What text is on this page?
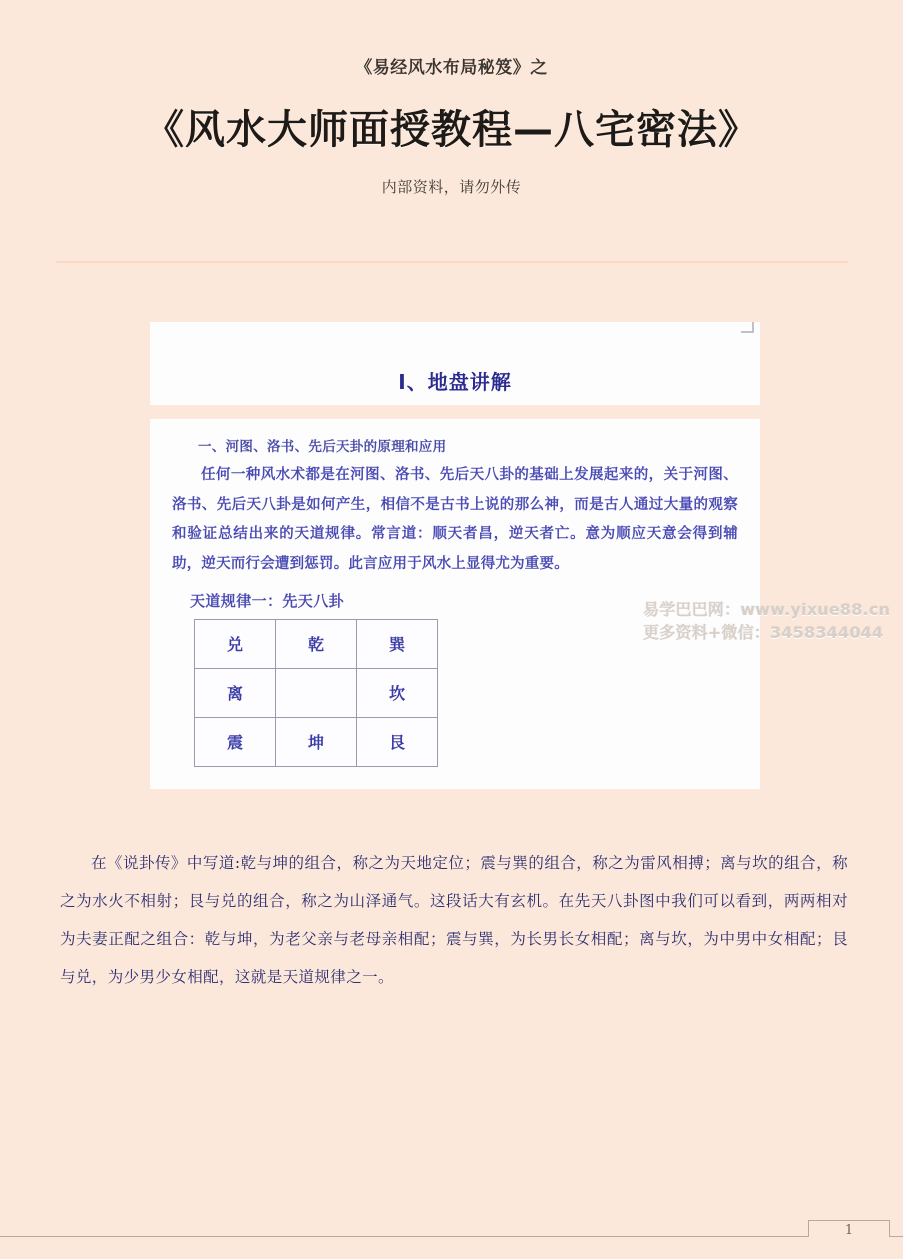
《易经风水布局秘笈》之
《风水大师面授教程—八宅密法》
内部资料，请勿外传
Ⅰ、地盘讲解
一、河图、洛书、先后天卦的原理和应用

任何一种风水术都是在河图、洛书、先后天八卦的基础上发展起来的，关于河图、洛书、先后天八卦是如何产生，相信不是古书上说的那么神，而是古人通过大量的观察和验证总结出来的天道规律。常言道：顺天者昌，逆天者亡。意为顺应天意会得到辅助，逆天而行会遭到惩罚。此言应用于风水上显得尤为重要。

天道规律一：先天八卦
兑	乾	巽
离		坎
震	坤	艮
易学巴巴网：www.yixue88.cn
更多资料+微信：3458344044
在《说卦传》中写道:乾与坤的组合，称之为天地定位；震与巽的组合，称之为雷风相搏；离与坎的组合，称之为水火不相射；艮与兑的组合，称之为山泽通气。这段话大有玄机。在先天八卦图中我们可以看到，两两相对为夫妻正配之组合：乾与坤，为老父亲与老母亲相配；震与巽，为长男长女相配；离与坎，为中男中女相配；艮与兑，为少男少女相配，这就是天道规律之一。
1
